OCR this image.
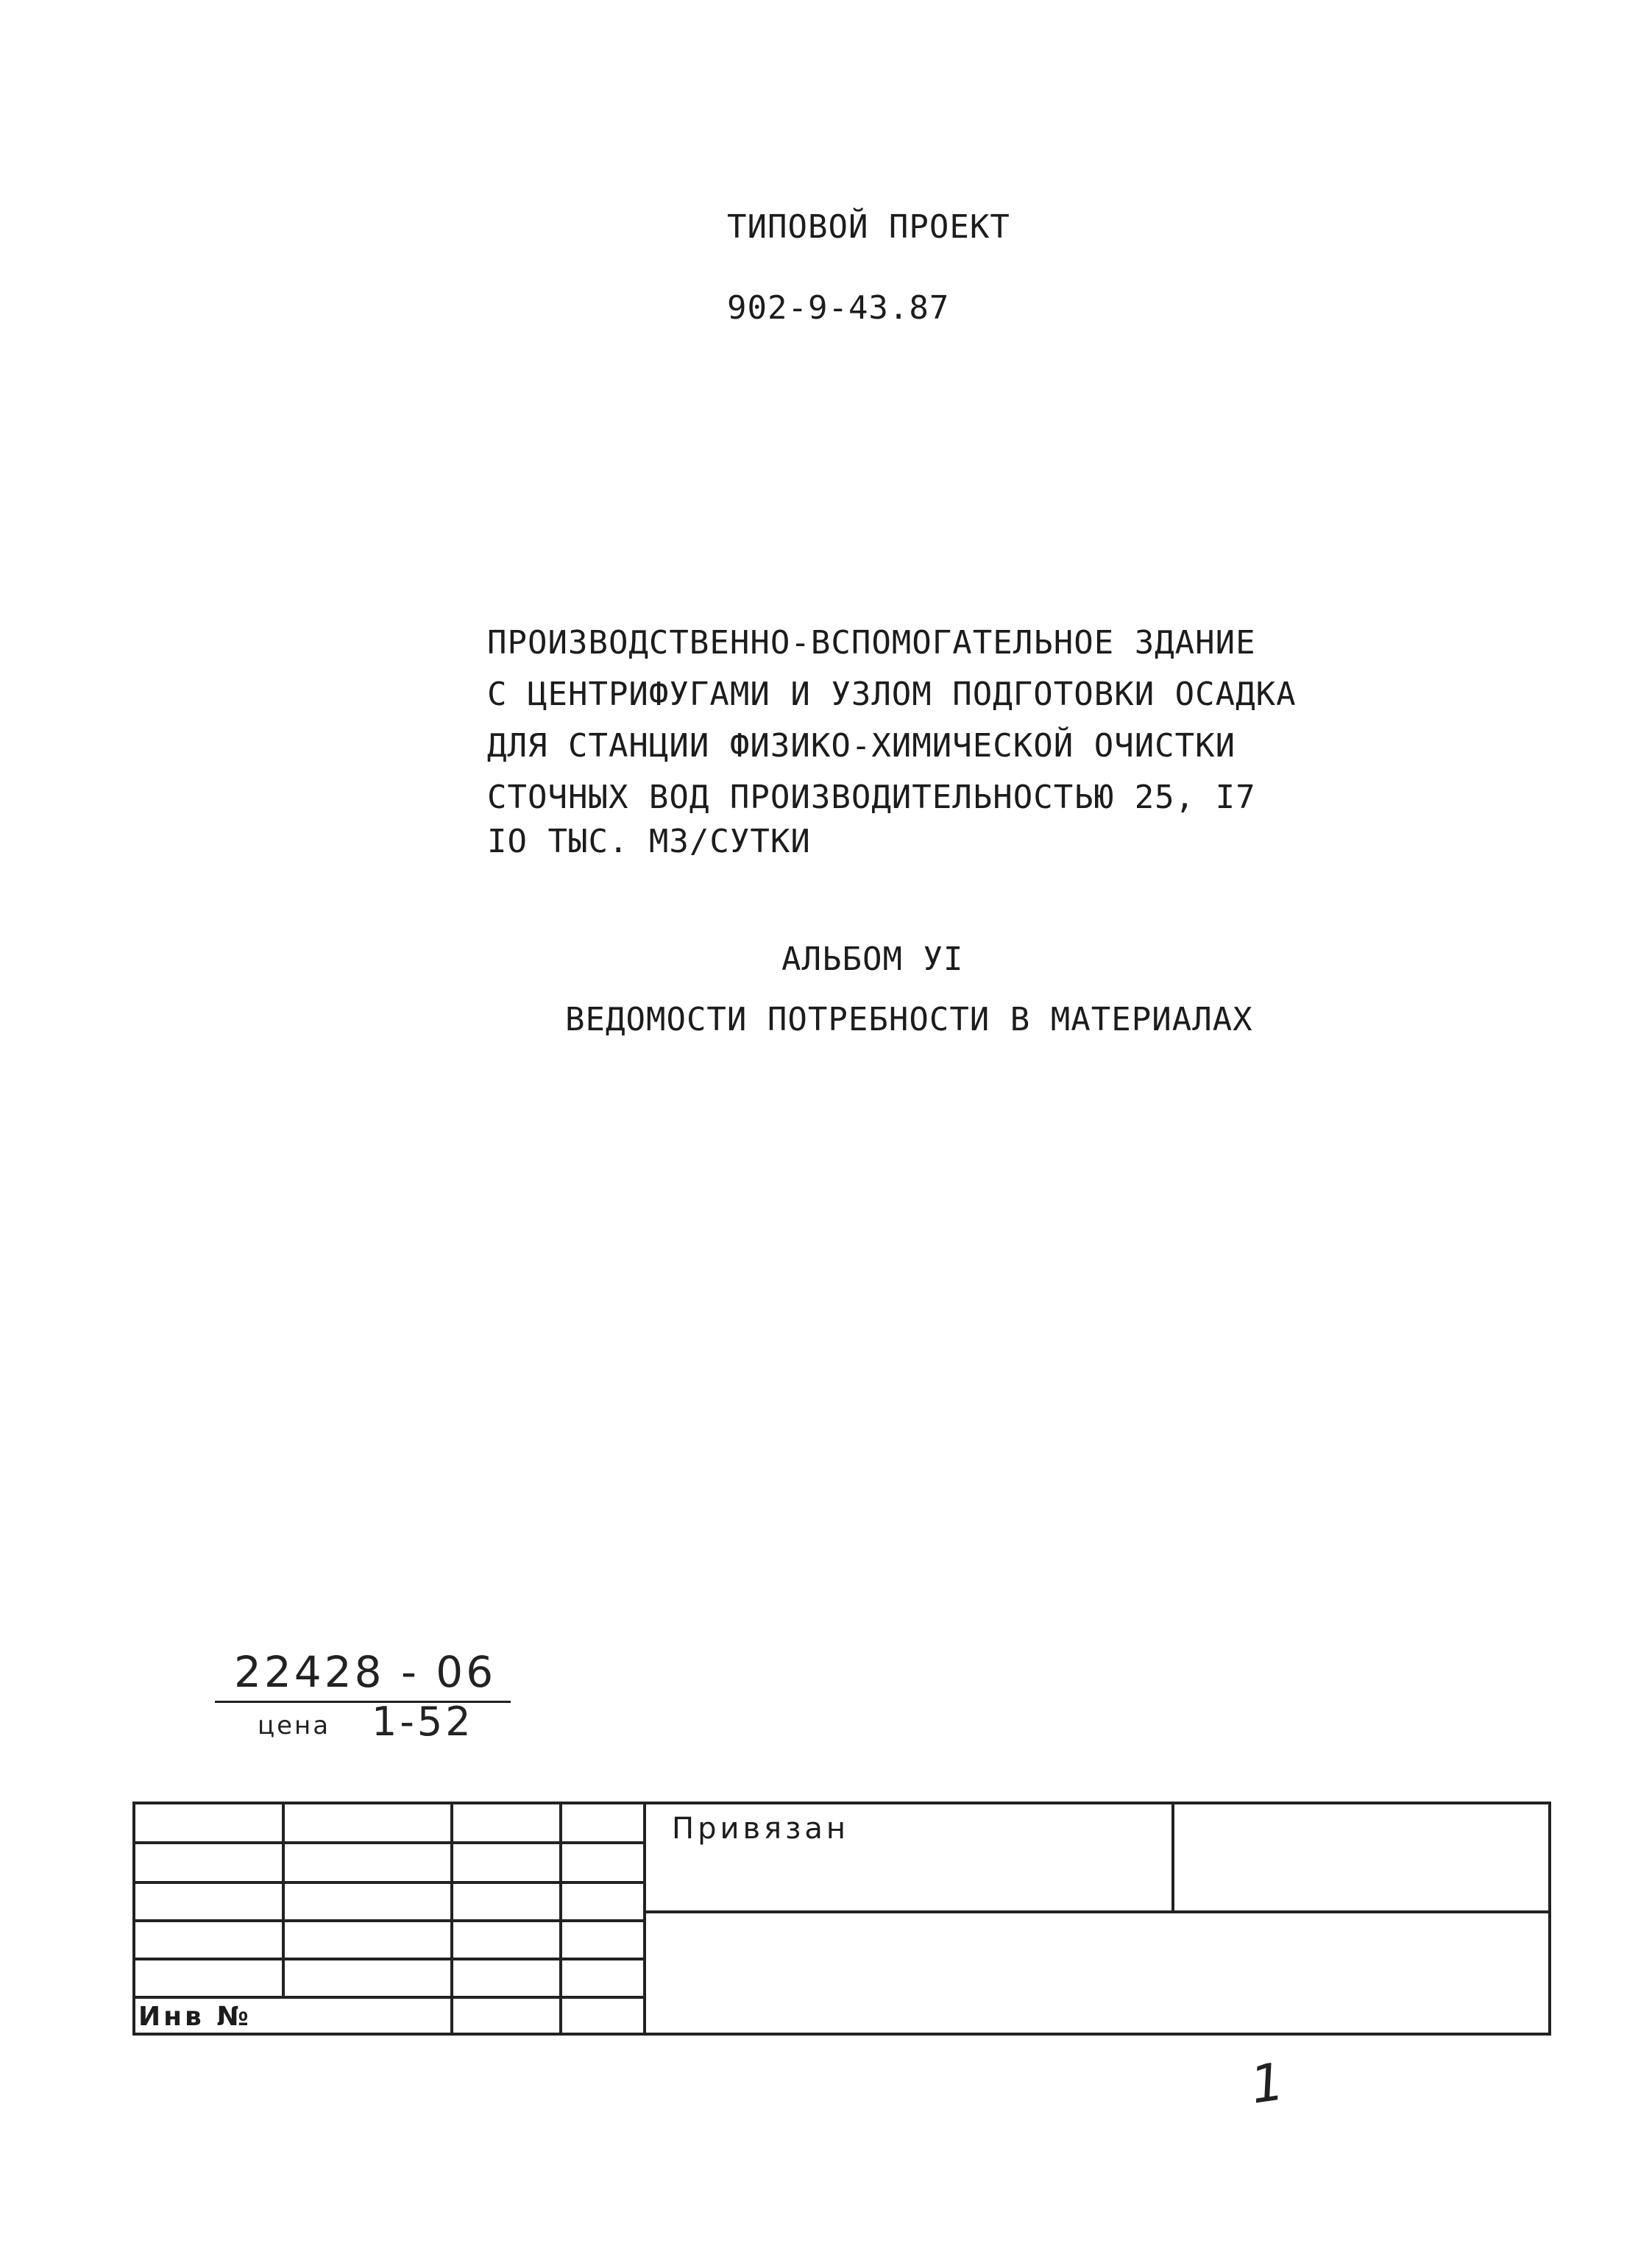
ТИПОВОЙ ПРОЕКТ
902-9-43.87
ПРОИЗВОДСТВЕННО-ВСПОМОГАТЕЛЬНОЕ ЗДАНИЕ
С ЦЕНТРИФУГАМИ И УЗЛОМ ПОДГОТОВКИ ОСАДКА
ДЛЯ СТАНЦИИ ФИЗИКО-ХИМИЧЕСКОЙ ОЧИСТКИ
СТОЧНЫХ ВОД ПРОИЗВОДИТЕЛЬНОСТЬЮ 25, I7
IO ТЫС. М3/СУТКИ
АЛЬБОМ УI
ВЕДОМОСТИ ПОТРЕБНОСТИ В МАТЕРИАЛАХ
22428 - 06
цена 1-52
Привязан
Инв №
1
